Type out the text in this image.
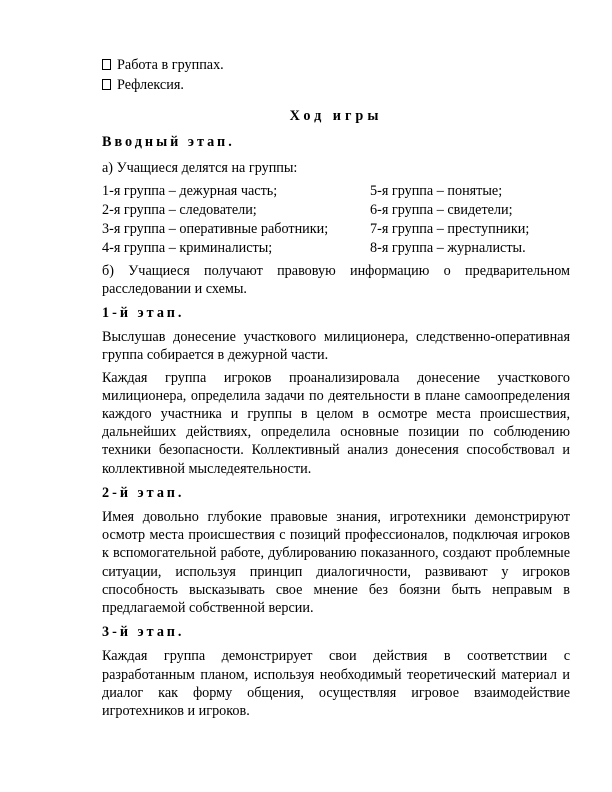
Работа в группах.
Рефлексия.
Ход игры
Вводный этап.

а) Учащиеся делятся на группы:

1-я группа – дежурная часть;	5-я группа – понятые;
2-я группа – следователи;	6-я группа – свидетели;
3-я группа – оперативные работники;	7-я группа – преступники;
4-я группа – криминалисты;	8-я группа – журналисты.

б) Учащиеся получают правовую информацию о предварительном расследовании и схемы.

1-й этап.

Выслушав донесение участкового милиционера, следственно-оперативная группа собирается в дежурной части.

Каждая группа игроков проанализировала донесение участкового милиционера, определила задачи по деятельности в плане самоопределения каждого участника и группы в целом в осмотре места происшествия, дальнейших действиях, определила основные позиции по соблюдению техники безопасности. Коллективный анализ донесения способствовал и коллективной мыследеятельности.

2-й этап.

Имея довольно глубокие правовые знания, игротехники демонстрируют осмотр места происшествия с позиций профессионалов, подключая игроков к вспомогательной работе, дублированию показанного, создают проблемные ситуации, используя принцип диалогичности, развивают у игроков способность высказывать свое мнение без боязни быть неправым в предлагаемой собственной версии.

3-й этап.

Каждая группа демонстрирует свои действия в соответствии с разработанным планом, используя необходимый теоретический материал и диалог как форму общения, осуществляя игровое взаимодействие игротехников и игроков.
